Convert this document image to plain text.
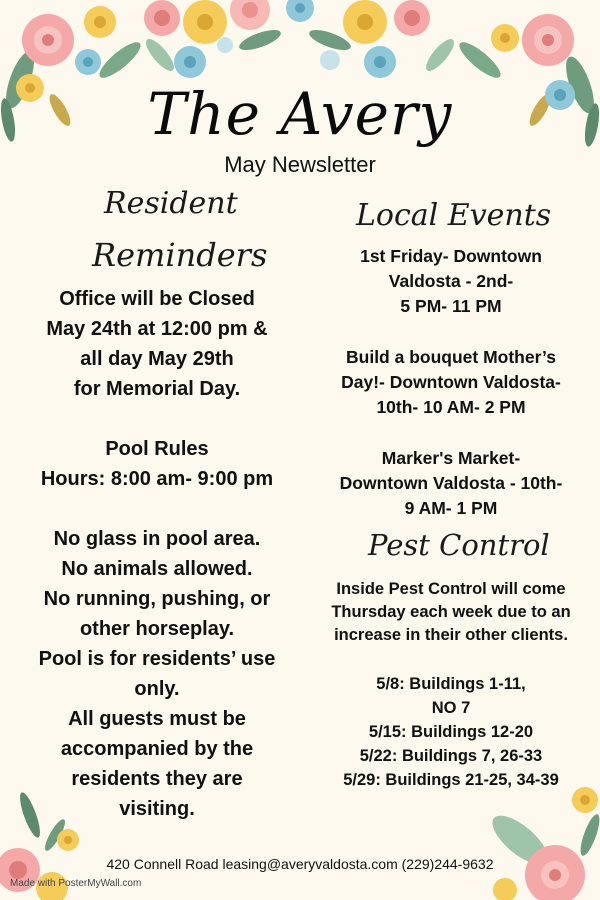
The Avery
May Newsletter
Resident
Reminders
Office will be Closed
May 24th at 12:00 pm &
all day May 29th
for Memorial Day.
Pool Rules
Hours: 8:00 am- 9:00 pm
No glass in pool area.
No animals allowed.
No running, pushing, or
other horseplay.
Pool is for residents’ use
only.
All guests must be
accompanied by the
residents they are
visiting.
Local Events
1st Friday- Downtown
Valdosta - 2nd-
5 PM- 11 PM
Build a bouquet Mother’s
Day!- Downtown Valdosta-
10th- 10 AM- 2 PM
Marker's Market-
Downtown Valdosta - 10th-
9 AM- 1 PM
Pest Control
Inside Pest Control will come
Thursday each week due to an
increase in their other clients.
5/8: Buildings 1-11,
NO 7
5/15: Buildings 12-20
5/22: Buildings 7, 26-33
5/29: Buildings 21-25, 34-39
420 Connell Road leasing@averyvaldosta.com (229)244-9632
Made with PosterMyWall.com
